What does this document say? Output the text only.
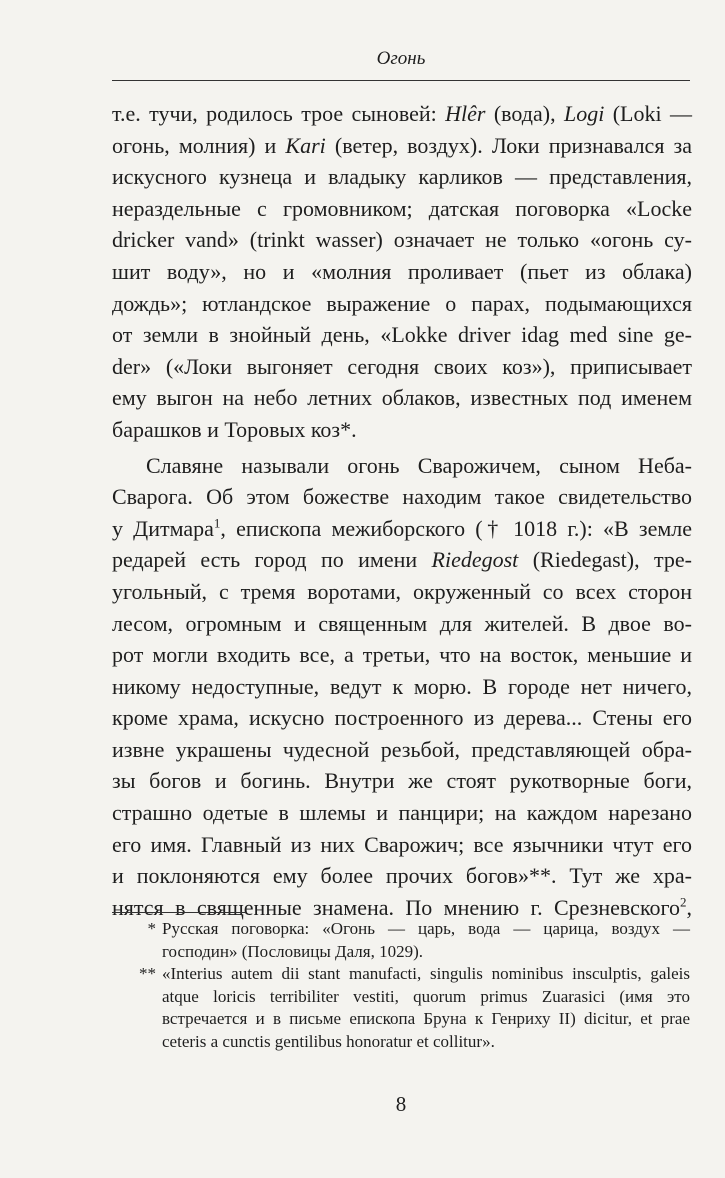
Огонь

т.е. тучи, родилось трое сыновей: Hlêr (вода), Logi (Loki —

огонь, молния) и Kari (ветер, воздух). Локи признавался за

искусного кузнеца и владыку карликов — представления,

нераздельные с громовником; датская поговорка «Locke

dricker vand» (trinkt wasser) означает не только «огонь су-

шит воду», но и «молния проливает (пьет из облака)

дождь»; ютландское выражение о парах, подымающихся

от земли в знойный день, «Lokke driver idag med sine ge-

der» («Локи выгоняет сегодня своих коз»), приписывает

ему выгон на небо летних облаков, известных под именем

барашков и Торовых коз*.

Славяне называли огонь Сварожичем, сыном Неба-

Сварога. Об этом божестве находим такое свидетельство

у Дитмара$^1$, епископа межиборского († 1018 г.): «В земле

редарей есть город по имени Riedegost (Riedegast), тре-

угольный, с тремя воротами, окруженный со всех сторон

лесом, огромным и священным для жителей. В двое во-

рот могли входить все, а третьи, что на восток, меньшие и

никому недоступные, ведут к морю. В городе нет ничего,

кроме храма, искусно построенного из дерева... Стены его

извне украшены чудесной резьбой, представляющей обра-

зы богов и богинь. Внутри же стоят рукотворные боги,

страшно одетые в шлемы и панцири; на каждом нарезано

его имя. Главный из них Сварожич; все язычники чтут его

и поклоняются ему более прочих богов»**. Тут же хра-

нятся в священные знамена. По мнению г. Срезневского$^2$,

* Русская поговорка: «Огонь — царь, вода — царица, воздух — господин» (Пословицы Даля, 1029).
** «Interius autem dii stant manufacti, singulis nominibus insculptis, galeis atque loricis terribiliter vestiti, quorum primus Zuarasici (имя это встречается и в письме епископа Бруна к Генриху II) dicitur, et prae ceteris a cunctis gentilibus honoratur et collitur».
8
